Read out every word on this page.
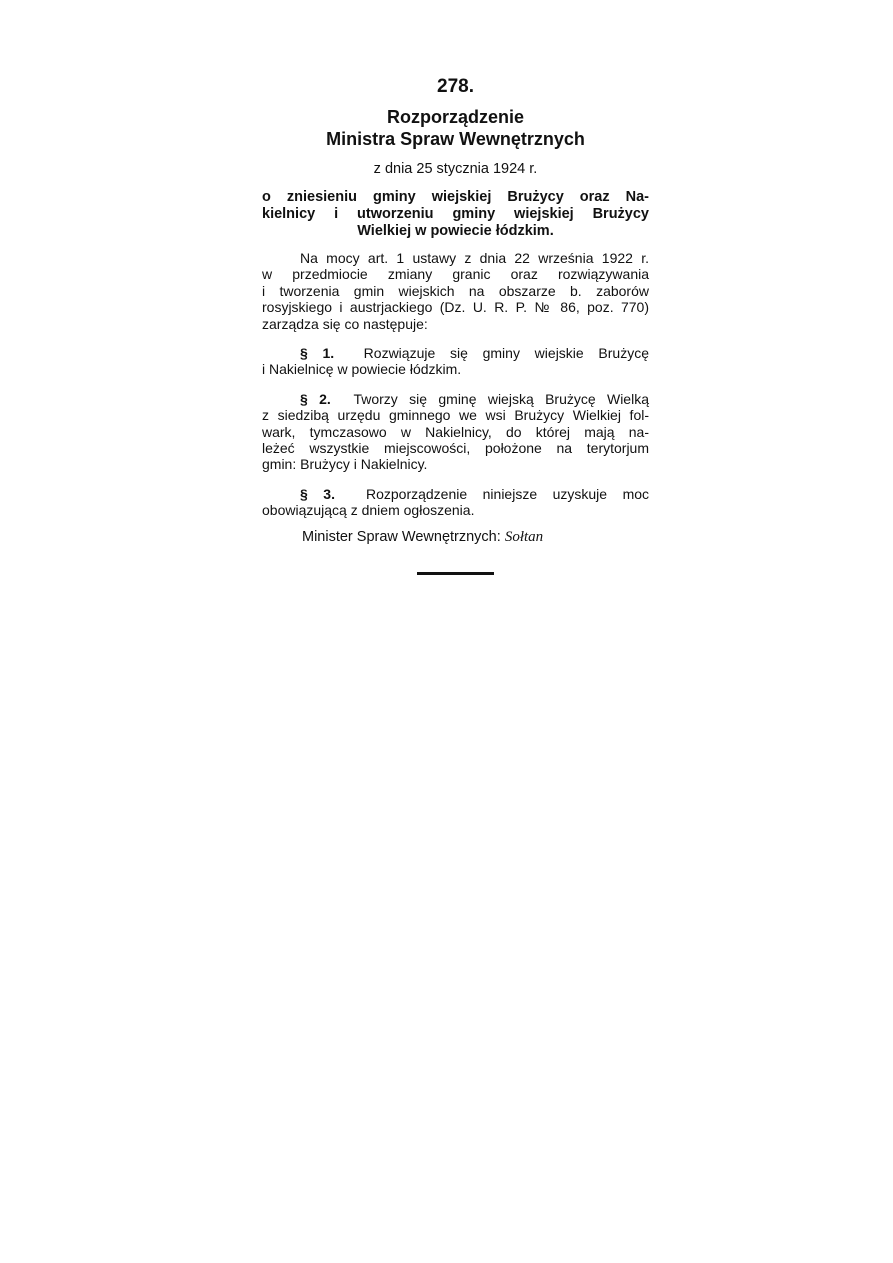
278.
Rozporządzenie
Ministra Spraw Wewnętrznych
z dnia 25 stycznia 1924 r.
o zniesieniu gminy wiejskiej Brużycy oraz Na-
kielnicy i utworzeniu gminy wiejskiej Brużycy
Wielkiej w powiecie łódzkim.
Na mocy art. 1 ustawy z dnia 22 września 1922 r.
w przedmiocie zmiany granic oraz rozwiązywania
i tworzenia gmin wiejskich na obszarze b. zaborów
rosyjskiego i austrjackiego (Dz. U. R. P. № 86, poz. 770)
zarządza się co następuje:
§ 1. Rozwiązuje się gminy wiejskie Brużycę
i Nakielnicę w powiecie łódzkim.
§ 2. Tworzy się gminę wiejską Brużycę Wielką
z siedzibą urzędu gminnego we wsi Brużycy Wielkiej fol-
wark, tymczasowo w Nakielnicy, do której mają na-
leżeć wszystkie miejscowości, położone na terytorjum
gmin: Brużycy i Nakielnicy.
§ 3. Rozporządzenie niniejsze uzyskuje moc
obowiązującą z dniem ogłoszenia.
Minister Spraw Wewnętrznych: Sołtan
